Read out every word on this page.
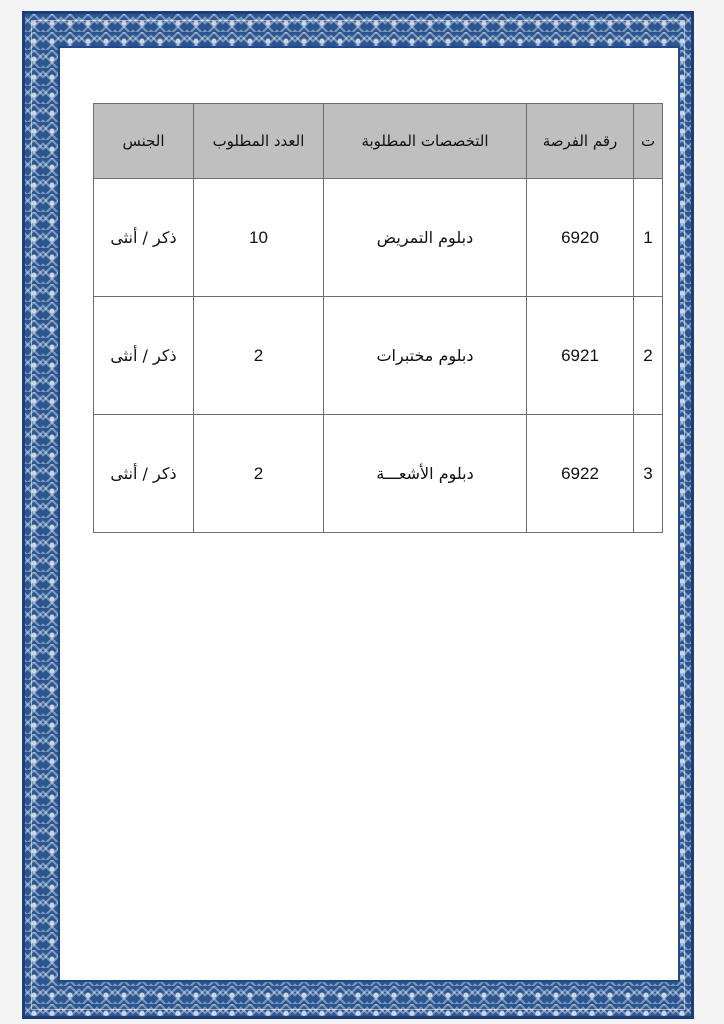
ت	رقم الفرصة	التخصصات المطلوبة	العدد المطلوب	الجنس
1	6920	دبلوم التمريض	10	ذكر / أنثى
2	6921	دبلوم مختبرات	2	ذكر / أنثى
3	6922	دبلوم الأشعـــة	2	ذكر / أنثى
